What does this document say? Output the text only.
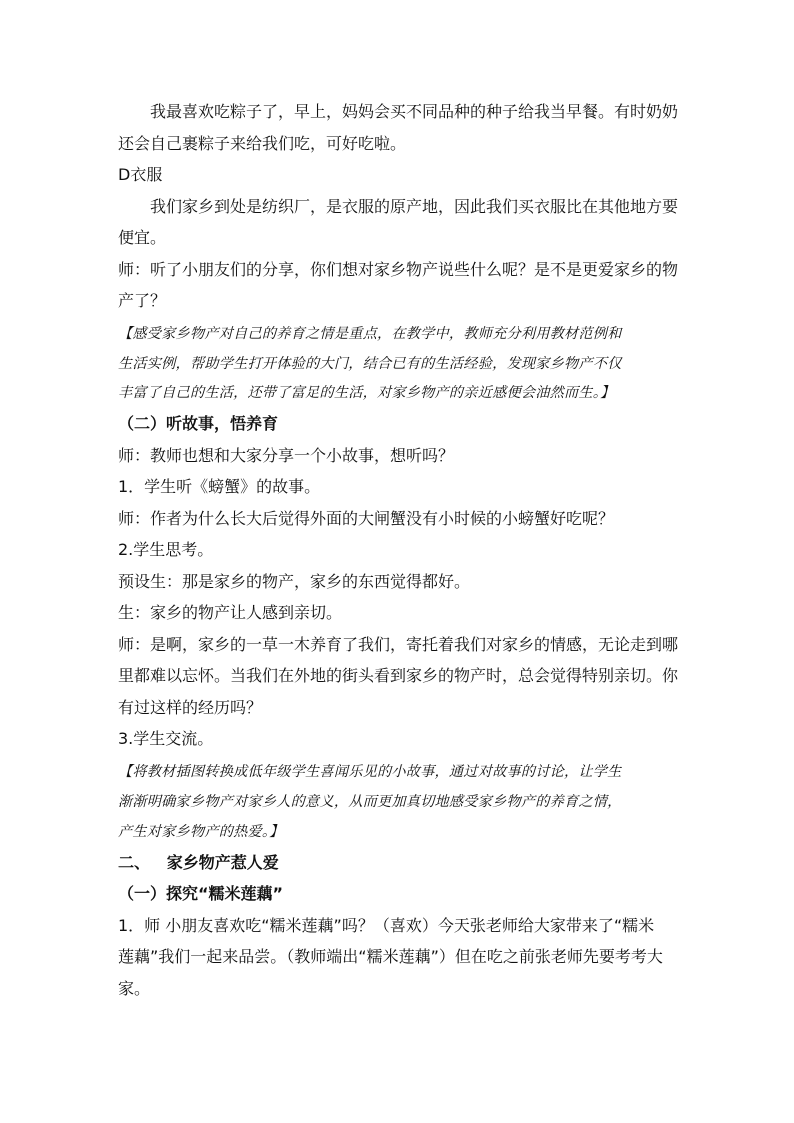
我最喜欢吃粽子了，早上，妈妈会买不同品种的种子给我当早餐。有时奶奶
还会自己裹粽子来给我们吃，可好吃啦。
D衣服
我们家乡到处是纺织厂，是衣服的原产地，因此我们买衣服比在其他地方要
便宜。
师：听了小朋友们的分享，你们想对家乡物产说些什么呢？是不是更爱家乡的物
产了？
【感受家乡物产对自己的养育之情是重点，在教学中，教师充分利用教材范例和
生活实例，帮助学生打开体验的大门，结合已有的生活经验，发现家乡物产不仅
丰富了自己的生活，还带了富足的生活，对家乡物产的亲近感便会油然而生。】
（二）听故事，悟养育
师：教师也想和大家分享一个小故事，想听吗？
1．学生听《螃蟹》的故事。
师：作者为什么长大后觉得外面的大闸蟹没有小时候的小螃蟹好吃呢？
2.学生思考。
预设生：那是家乡的物产，家乡的东西觉得都好。
生：家乡的物产让人感到亲切。
师：是啊，家乡的一草一木养育了我们，寄托着我们对家乡的情感，无论走到哪
里都难以忘怀。当我们在外地的街头看到家乡的物产时，总会觉得特别亲切。你
有过这样的经历吗？
3.学生交流。
【将教材插图转换成低年级学生喜闻乐见的小故事，通过对故事的讨论，让学生
渐渐明确家乡物产对家乡人的意义，从而更加真切地感受家乡物产的养育之情，
产生对家乡物产的热爱。】
二、   家乡物产惹人爱
（一）探究“糯米莲藕”
1．师 小朋友喜欢吃“糯米莲藕”吗？（喜欢）今天张老师给大家带来了“糯米
莲藕”我们一起来品尝。（教师端出“糯米莲藕”）但在吃之前张老师先要考考大
家。
